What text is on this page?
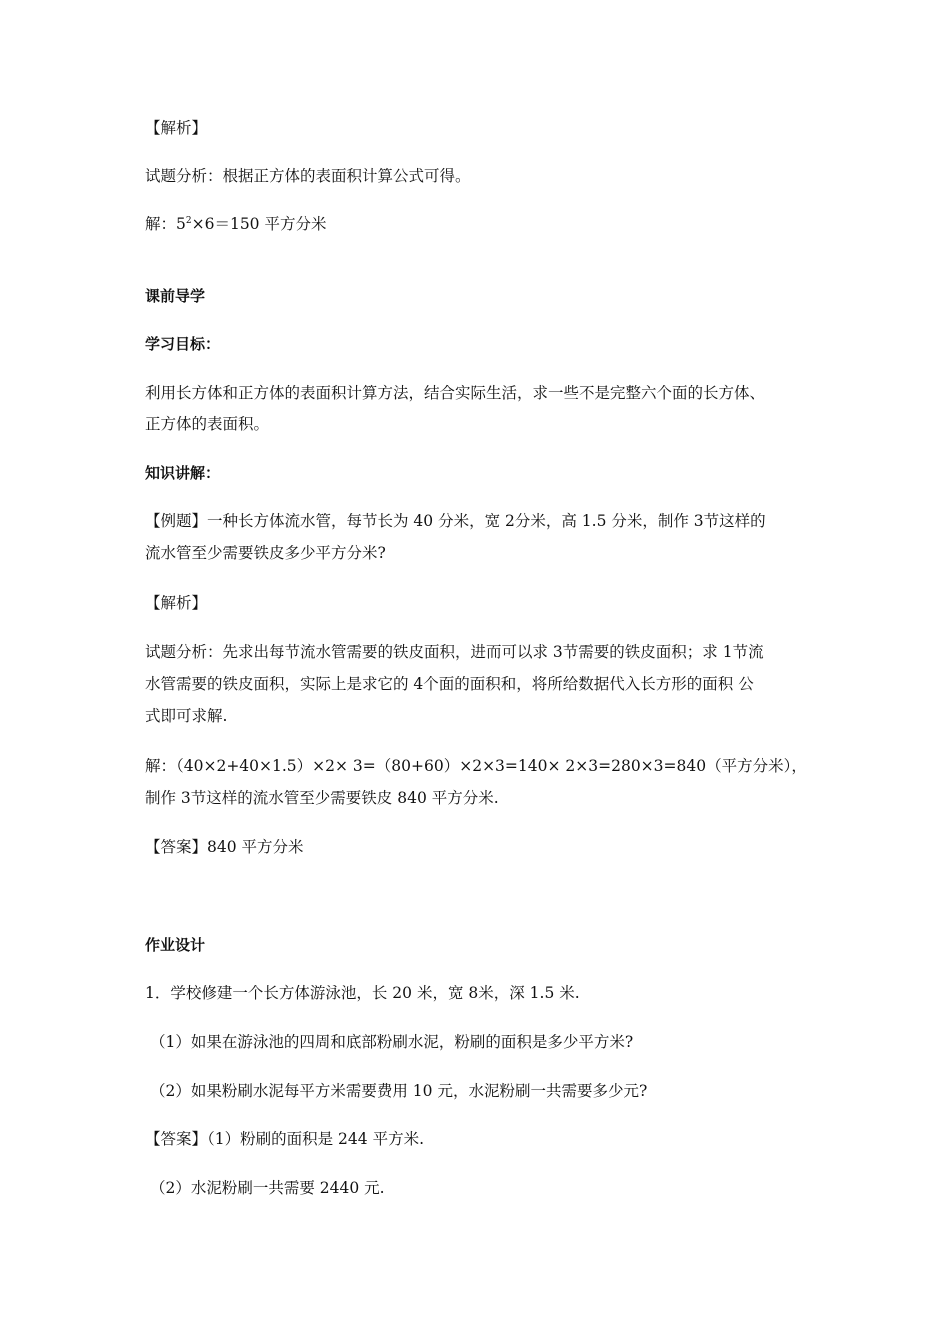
【解析】

试题分析：根据正方体的表面积计算公式可得。

解：$5^2\times 6=150$ 平方分米

课前导学

学习目标：

利用长方体和正方体的表面积计算方法，结合实际生活，求一些不是完整六个面的长方体、

正方体的表面积。

知识讲解：

【例题】一种长方体流水管，每节长为 40 分米，宽 2分米，高 1.5 分米，制作 3节这样的

流水管至少需要铁皮多少平方分米?

【解析】

试题分析：先求出每节流水管需要的铁皮面积，进而可以求 3节需要的铁皮面积；求 1节流

水管需要的铁皮面积，实际上是求它的 4个面的面积和，将所给数据代入长方形的面积 公

式即可求解.

解：（40×2+40×1.5）×2× 3=（80+60）×2×3=140× 2×3=280×3=840（平方分米），

制作 3节这样的流水管至少需要铁皮 840 平方分米.

【答案】840 平方分米

作业设计

1．学校修建一个长方体游泳池，长 20 米，宽 8米，深 1.5 米.

（1）如果在游泳池的四周和底部粉刷水泥，粉刷的面积是多少平方米?

（2）如果粉刷水泥每平方米需要费用 10 元，水泥粉刷一共需要多少元?

【答案】（1）粉刷的面积是 244 平方米.

（2）水泥粉刷一共需要 2440 元.
